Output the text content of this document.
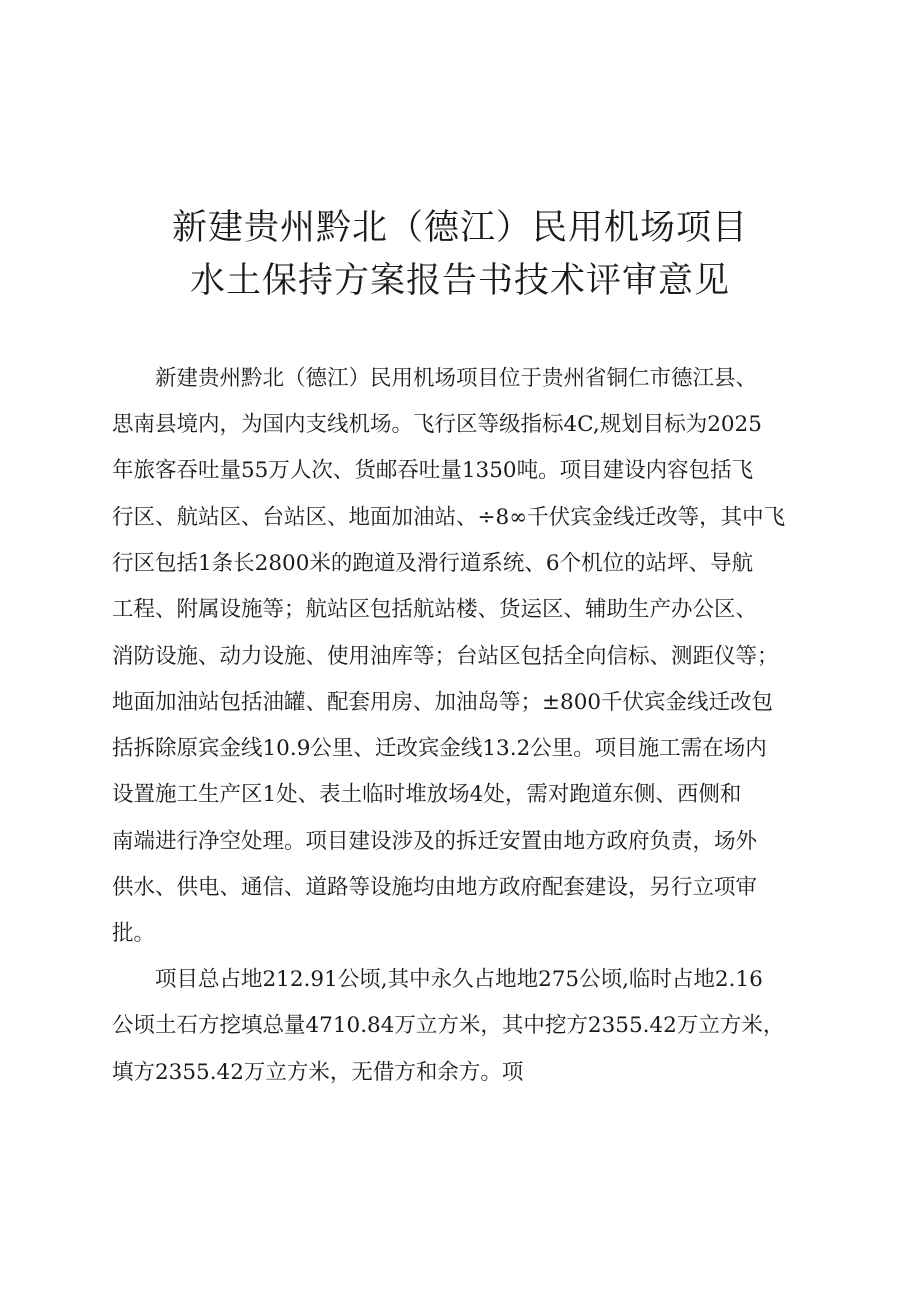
新建贵州黔北（德江）民用机场项目
水土保持方案报告书技术评审意见

新建贵州黔北（德江）民用机场项目位于贵州省铜仁市德江县、

思南县境内，为国内支线机场。飞行区等级指标4C,规划目标为2025

年旅客吞吐量55万人次、货邮吞吐量1350吨。项目建设内容包括飞

行区、航站区、台站区、地面加油站、÷8∞千伏宾金线迁改等，其中飞

行区包括1条长2800米的跑道及滑行道系统、6个机位的站坪、导航

工程、附属设施等；航站区包括航站楼、货运区、辅助生产办公区、

消防设施、动力设施、使用油库等；台站区包括全向信标、测距仪等；

地面加油站包括油罐、配套用房、加油岛等；±800千伏宾金线迁改包

括拆除原宾金线10.9公里、迁改宾金线13.2公里。项目施工需在场内

设置施工生产区1处、表土临时堆放场4处，需对跑道东侧、西侧和

南端进行净空处理。项目建设涉及的拆迁安置由地方政府负责，场外

供水、供电、通信、道路等设施均由地方政府配套建设，另行立项审

批。

项目总占地212.91公顷,其中永久占地地275公顷,临时占地2.16

公顷土石方挖填总量4710.84万立方米，其中挖方2355.42万立方米，

填方2355.42万立方米，无借方和余方。项
